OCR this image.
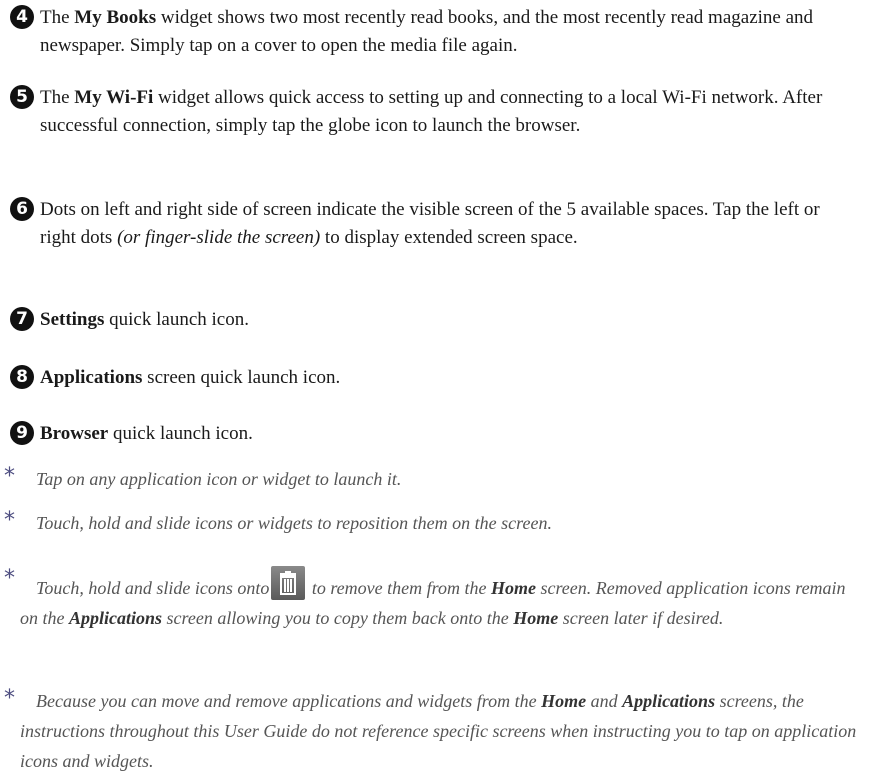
4 The My Books widget shows two most recently read books, and the most recently read magazine and newspaper. Simply tap on a cover to open the media file again.
5 The My Wi-Fi widget allows quick access to setting up and connecting to a local Wi-Fi network. After successful connection, simply tap the globe icon to launch the browser.
6 Dots on left and right side of screen indicate the visible screen of the 5 available spaces. Tap the left or right dots (or finger-slide the screen) to display extended screen space.
7 Settings quick launch icon.
8 Applications screen quick launch icon.
9 Browser quick launch icon.
*	Tap on any application icon or widget to launch it.
*	Touch, hold and slide icons or widgets to reposition them on the screen.
*	Touch, hold and slide icons onto
to remove them from the Home screen. Removed application icons remain on the Applications screen allowing you to copy them back onto the Home screen later if desired.
*	Because you can move and remove applications and widgets from the Home and Applications screens, the instructions throughout this User Guide do not reference specific screens when instructing you to tap on application icons and widgets.
